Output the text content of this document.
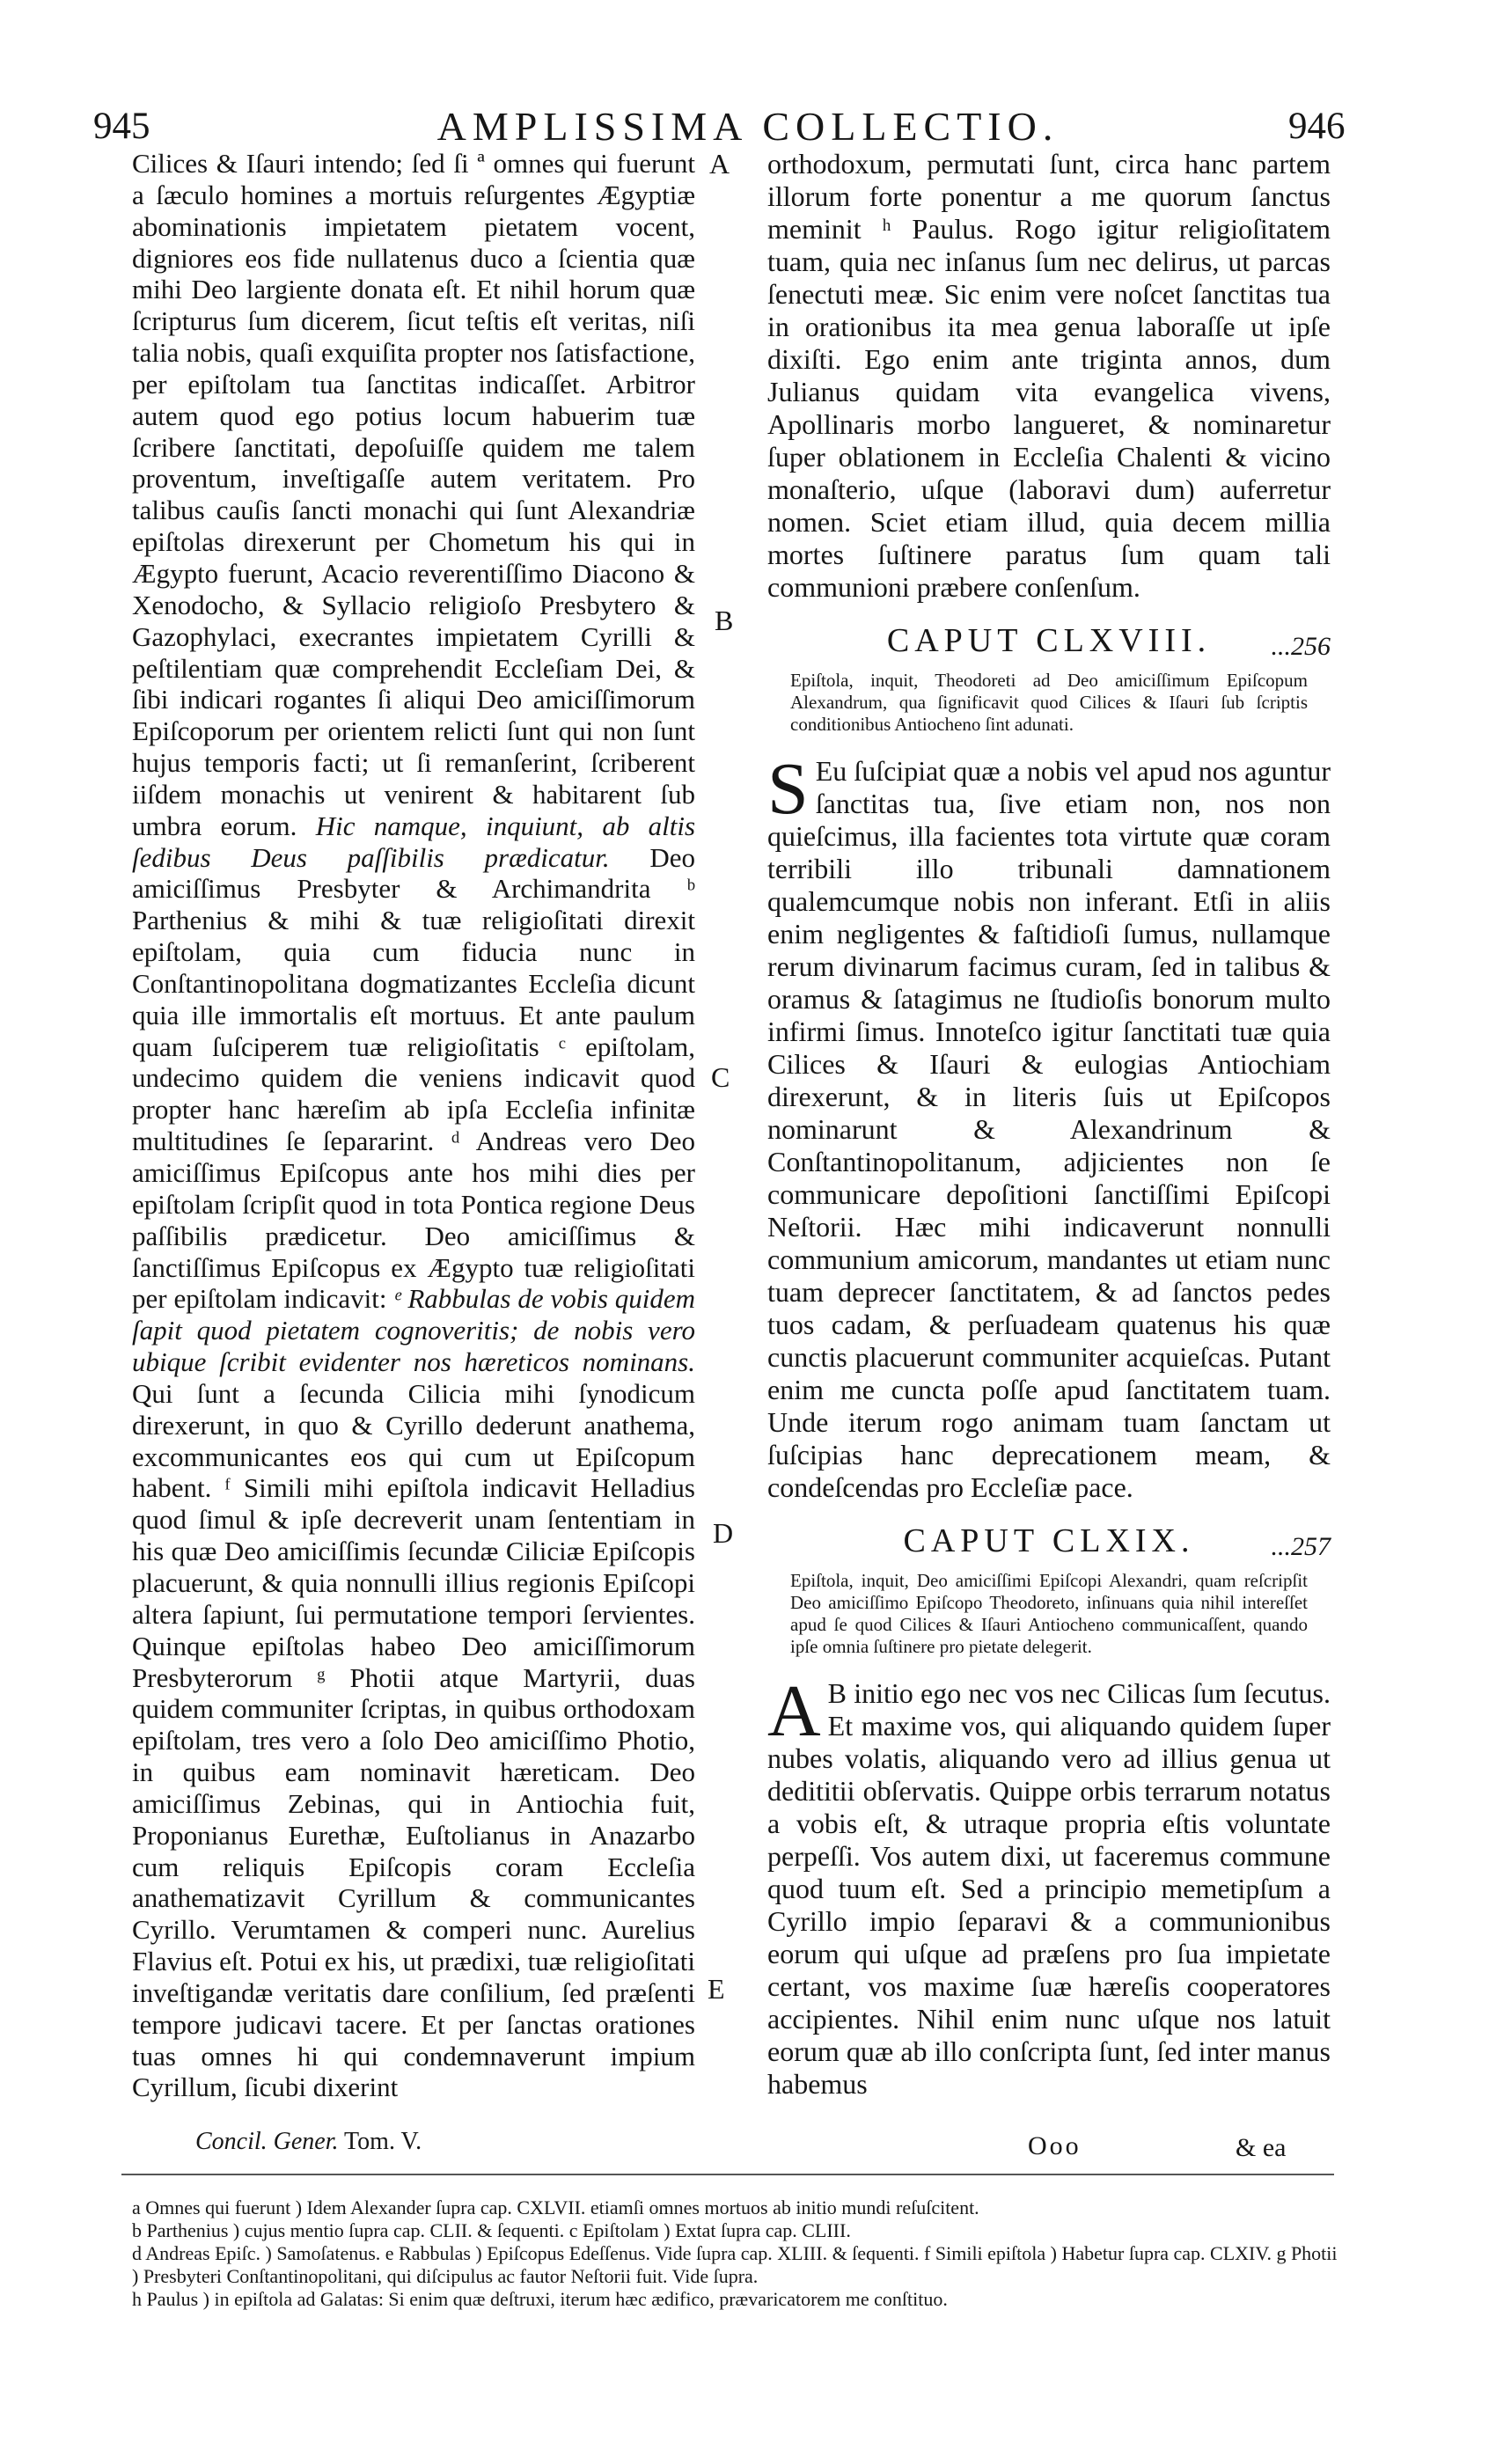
945	AMPLISSIMA COLLECTIO.	946
A
B
C
D
E

Cilices & Iſauri intendo; ſed ſi ª omnes qui fuerunt a ſæculo homines a mortuis reſurgentes Ægyptiæ abominationis impietatem pietatem vocent, digniores eos fide nullatenus duco a ſcientia quæ mihi Deo largiente donata eſt. Et nihil horum quæ ſcripturus ſum dicerem, ſicut teſtis eſt veritas, niſi talia nobis, quaſi exquiſita propter nos ſatisfactione, per epiſtolam tua ſanctitas indicaſſet. Arbitror autem quod ego potius locum habuerim tuæ ſcribere ſanctitati, depoſuiſſe quidem me talem proventum, inveſtigaſſe autem veritatem. Pro talibus cauſis ſancti monachi qui ſunt Alexandriæ epiſtolas direxerunt per Chometum his qui in Ægypto fuerunt, Acacio reverentiſſimo Diacono & Xenodocho, & Syllacio religioſo Presbytero & Gazophylaci, execrantes impietatem Cyrilli & peſtilentiam quæ comprehendit Eccleſiam Dei, & ſibi indicari rogantes ſi aliqui Deo amiciſſimorum Epiſcoporum per orientem relicti ſunt qui non ſunt hujus temporis facti; ut ſi remanſerint, ſcriberent iiſdem monachis ut venirent & habitarent ſub umbra eorum. Hic namque, inquiunt, ab altis ſedibus Deus paſſibilis prædicatur. Deo amiciſſimus Presbyter & Archimandrita ᵇ Parthenius & mihi & tuæ religioſitati direxit epiſtolam, quia cum fiducia nunc in Conſtantinopolitana dogmatizantes Eccleſia dicunt quia ille immortalis eſt mortuus. Et ante paulum quam ſuſciperem tuæ religioſitatis ᶜ epiſtolam, undecimo quidem die veniens indicavit quod propter hanc hæreſim ab ipſa Eccleſia infinitæ multitudines ſe ſepararint. ᵈ Andreas vero Deo amiciſſimus Epiſcopus ante hos mihi dies per epiſtolam ſcripſit quod in tota Pontica regione Deus paſſibilis prædicetur. Deo amiciſſimus & ſanctiſſimus Epiſcopus ex Ægypto tuæ religioſitati per epiſtolam indicavit: ᵉ Rabbulas de vobis quidem ſapit quod pietatem cognoveritis; de nobis vero ubique ſcribit evidenter nos hæreticos nominans. Qui ſunt a ſecunda Cilicia mihi ſynodicum direxerunt, in quo & Cyrillo dederunt anathema, excommunicantes eos qui cum ut Epiſcopum habent. ᶠ Simili mihi epiſtola indicavit Helladius quod ſimul & ipſe decreverit unam ſententiam in his quæ Deo amiciſſimis ſecundæ Ciliciæ Epiſcopis placuerunt, & quia nonnulli illius regionis Epiſcopi altera ſapiunt, ſui permutatione tempori ſervientes. Quinque epiſtolas habeo Deo amiciſſimorum Presbyterorum ᵍ Photii atque Martyrii, duas quidem communiter ſcriptas, in quibus orthodoxam epiſtolam, tres vero a ſolo Deo amiciſſimo Photio, in quibus eam nominavit hæreticam. Deo amiciſſimus Zebinas, qui in Antiochia fuit, Proponianus Eurethæ, Euſtolianus in Anazarbo cum reliquis Epiſcopis coram Eccleſia anathematizavit Cyrillum & communicantes Cyrillo. Verumtamen & comperi nunc. Aurelius Flavius eſt. Potui ex his, ut prædixi, tuæ religioſitati inveſtigandæ veritatis dare conſilium, ſed præſenti tempore judicavi tacere. Et per ſanctas orationes tuas omnes hi qui condemnaverunt impium Cyrillum, ſicubi dixerint

orthodoxum, permutati ſunt, circa hanc partem illorum forte ponentur a me quorum ſanctus meminit ʰ Paulus. Rogo igitur religioſitatem tuam, quia nec inſanus ſum nec delirus, ut parcas ſenectuti meæ. Sic enim vere noſcet ſanctitas tua in orationibus ita mea genua laboraſſe ut ipſe dixiſti. Ego enim ante triginta annos, dum Julianus quidam vita evangelica vivens, Apollinaris morbo langueret, & nominaretur ſuper oblationem in Eccleſia Chalenti & vicino monaſterio, uſque (laboravi dum) auferretur nomen. Sciet etiam illud, quia decem millia mortes ſuſtinere paratus ſum quam tali communioni præbere conſenſum.

CAPUT CLXVIII. ...256
Epiſtola, inquit, Theodoreti ad Deo amiciſſimum Epiſcopum Alexandrum, qua ſignificavit quod Cilices & Iſauri ſub ſcriptis conditionibus Antiocheno ſint adunati.

S Eu ſuſcipiat quæ a nobis vel apud nos aguntur ſanctitas tua, ſive etiam non, nos non quieſcimus, illa facientes tota virtute quæ coram terribili illo tribunali damnationem qualemcumque nobis non inferant. Etſi in aliis enim negligentes & faſtidioſi ſumus, nullamque rerum divinarum facimus curam, ſed in talibus & oramus & ſatagimus ne ſtudioſis bonorum multo infirmi ſimus. Innoteſco igitur ſanctitati tuæ quia Cilices & Iſauri & eulogias Antiochiam direxerunt, & in literis ſuis ut Epiſcopos nominarunt & Alexandrinum & Conſtantinopolitanum, adjicientes non ſe communicare depoſitioni ſanctiſſimi Epiſcopi Neſtorii. Hæc mihi indicaverunt nonnulli communium amicorum, mandantes ut etiam nunc tuam deprecer ſanctitatem, & ad ſanctos pedes tuos cadam, & perſuadeam quatenus his quæ cunctis placuerunt communiter acquieſcas. Putant enim me cuncta poſſe apud ſanctitatem tuam. Unde iterum rogo animam tuam ſanctam ut ſuſcipias hanc deprecationem meam, & condeſcendas pro Eccleſiæ pace.

CAPUT CLXIX.	...257
Epiſtola, inquit, Deo amiciſſimi Epiſcopi Alexandri, quam reſcripſit Deo amiciſſimo Epiſcopo Theodoreto, inſinuans quia nihil intereſſet apud ſe quod Cilices & Iſauri Antiocheno communicaſſent, quando ipſe omnia ſuſtinere pro pietate delegerit.

A B initio ego nec vos nec Cilicas ſum ſecutus. Et maxime vos, qui aliquando quidem ſuper nubes volatis, aliquando vero ad illius genua ut dedititii obſervatis. Quippe orbis terrarum notatus a vobis eſt, & utraque propria eſtis voluntate perpeſſi. Vos autem dixi, ut faceremus commune quod tuum eſt. Sed a principio memetipſum a Cyrillo impio ſeparavi & a communionibus eorum qui uſque ad præſens pro ſua impietate certant, vos maxime ſuæ hæreſis cooperatores accipientes. Nihil enim nunc uſque nos latuit eorum quæ ab illo conſcripta ſunt, ſed inter manus habemus

Concil. Gener. Tom. V.	Ooo	& ea

a Omnes qui fuerunt ) Idem Alexander ſupra cap. CXLVII. etiamſi omnes mortuos ab initio mundi reſuſcitent.

b Parthenius ) cujus mentio ſupra cap. CLII. & ſequenti. c Epiſtolam ) Extat ſupra cap. CLIII.

d Andreas Epiſc. ) Samoſatenus. e Rabbulas ) Epiſcopus Edeſſenus. Vide ſupra cap. XLIII. & ſequenti. f Simili epiſtola ) Habetur ſupra cap. CLXIV. g Photii ) Presbyteri Conſtantinopolitani, qui diſcipulus ac fautor Neſtorii fuit. Vide ſupra.

h Paulus ) in epiſtola ad Galatas: Si enim quæ deſtruxi, iterum hæc ædifico, prævaricatorem me conſtituo.
